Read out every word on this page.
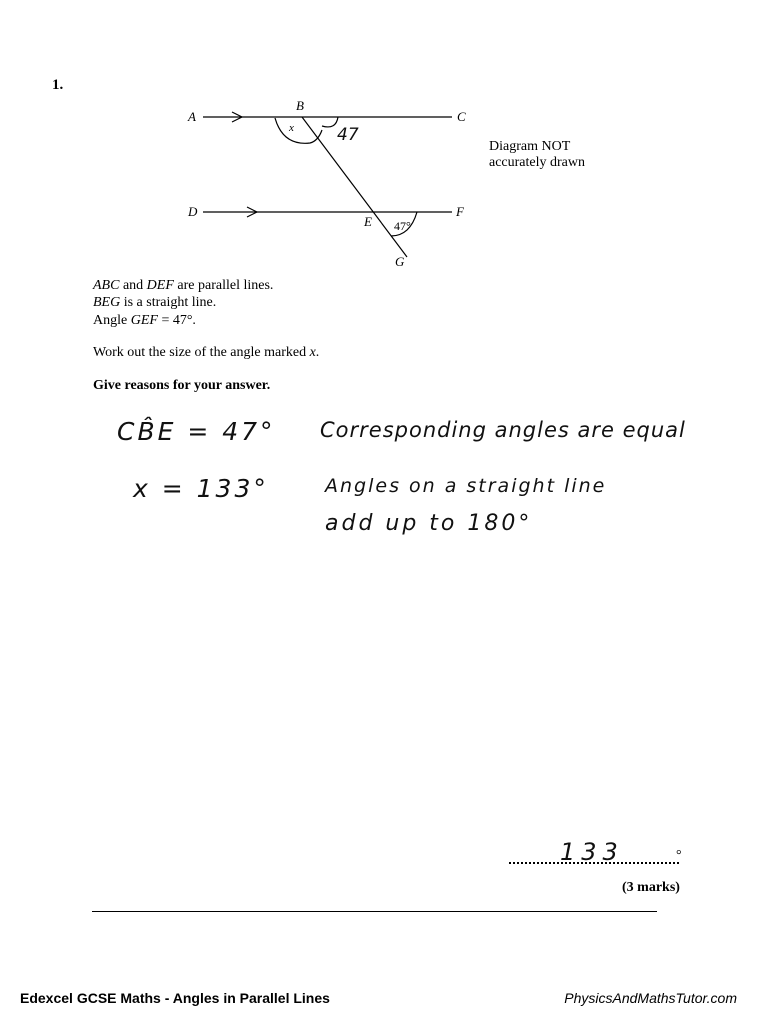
1.
A
B
C
D
E
F
G
x	47
47°
Diagram NOT
accurately drawn
ABC and DEF are parallel lines.
BEG is a straight line.
Angle GEF = 47°.
Work out the size of the angle marked x.
Give reasons for your answer.
CB̂E = 47° Corresponding angles are equal
x = 133°	Angles on a straight line
add up to 180°
133	°
(3 marks)
Edexcel GCSE Maths - Angles in Parallel Lines	PhysicsAndMathsTutor.com
